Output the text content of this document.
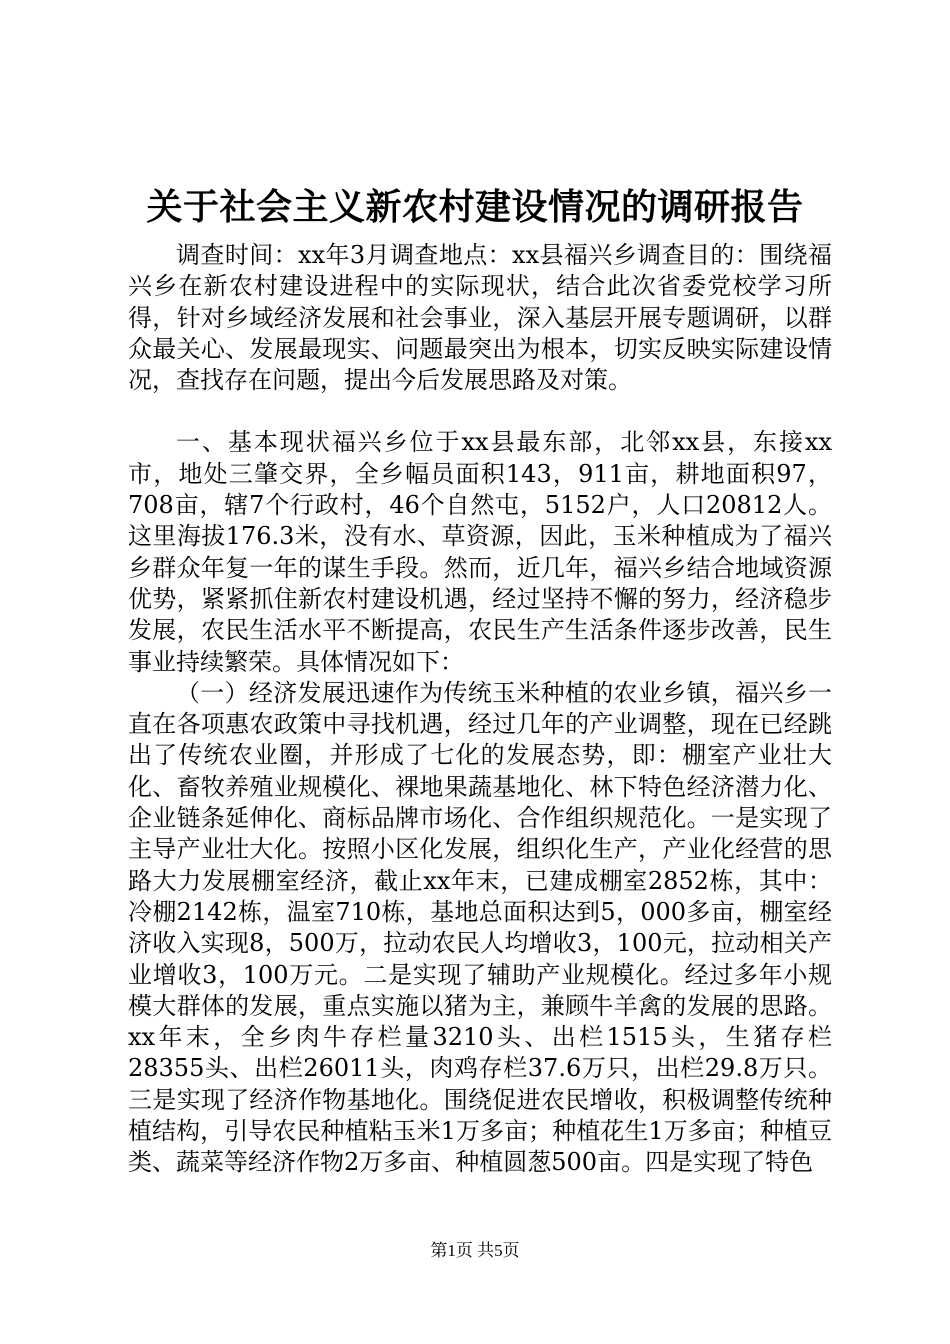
关于社会主义新农村建设情况的调研报告

调查时间：xx年3月调查地点：xx县福兴乡调查目的：围绕福兴乡在新农村建设进程中的实际现状，结合此次省委党校学习所得，针对乡域经济发展和社会事业，深入基层开展专题调研，以群众最关心、发展最现实、问题最突出为根本，切实反映实际建设情况，查找存在问题，提出今后发展思路及对策。

一、基本现状福兴乡位于xx县最东部，北邻xx县，东接xx市，地处三肇交界，全乡幅员面积143，911亩，耕地面积97，708亩，辖7个行政村，46个自然屯，5152户，人口20812人。这里海拔176.3米，没有水、草资源，因此，玉米种植成为了福兴乡群众年复一年的谋生手段。然而，近几年，福兴乡结合地域资源优势，紧紧抓住新农村建设机遇，经过坚持不懈的努力，经济稳步发展，农民生活水平不断提高，农民生产生活条件逐步改善，民生事业持续繁荣。具体情况如下：

（一）经济发展迅速作为传统玉米种植的农业乡镇，福兴乡一直在各项惠农政策中寻找机遇，经过几年的产业调整，现在已经跳出了传统农业圈，并形成了七化的发展态势，即：棚室产业壮大化、畜牧养殖业规模化、裸地果蔬基地化、林下特色经济潜力化、企业链条延伸化、商标品牌市场化、合作组织规范化。一是实现了主导产业壮大化。按照小区化发展，组织化生产，产业化经营的思路大力发展棚室经济，截止xx年末，已建成棚室2852栋，其中：冷棚2142栋，温室710栋，基地总面积达到5，000多亩，棚室经济收入实现8，500万，拉动农民人均增收3，100元，拉动相关产业增收3，100万元。二是实现了辅助产业规模化。经过多年小规模大群体的发展，重点实施以猪为主，兼顾牛羊禽的发展的思路。xx年末，全乡肉牛存栏量3210头、出栏1515头，生猪存栏28355头、出栏26011头，肉鸡存栏37.6万只，出栏29.8万只。三是实现了经济作物基地化。围绕促进农民增收，积极调整传统种植结构，引导农民种植粘玉米1万多亩；种植花生1万多亩；种植豆类、蔬菜等经济作物2万多亩、种植圆葱500亩。四是实现了特色

第1页 共5页
